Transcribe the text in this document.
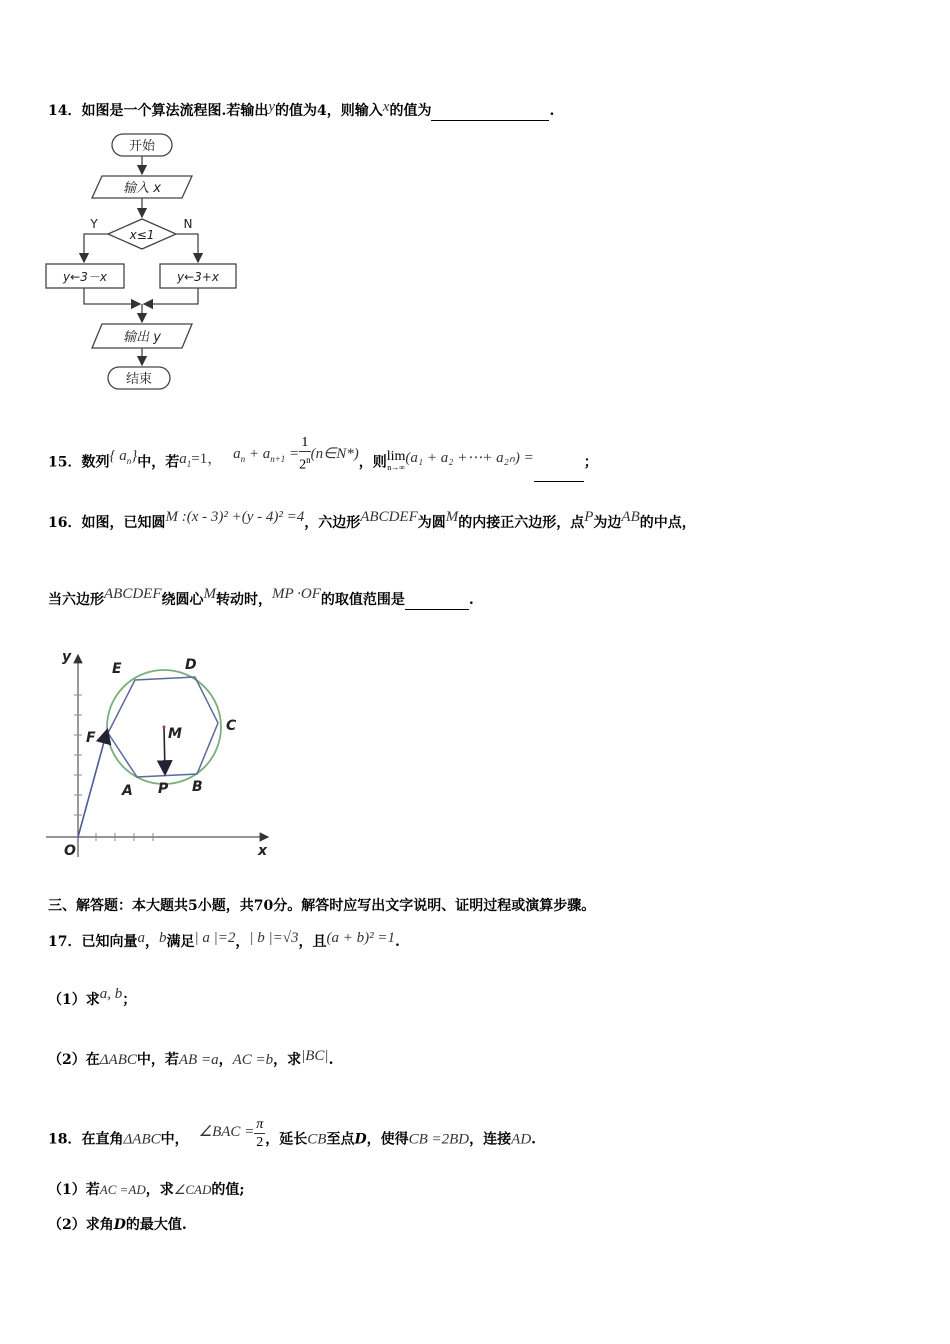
14．如图是一个算法流程图.若输出y的值为4，则输入x的值为	.
开始
输入 x
x≤1
Y	N
y←3－x	y←3+x
输出 y
结束
15．数列{ $a_n$}中，若$a_1=1$， $a_n + a_{n+1} = \frac{1}{2^n}$ (n∈N*)，则 lim
n→∞
(a₁ + a₂ +⋯+ a₂ₙ) =	；
16．如图，已知圆M :(x - 3)² +(y - 4)² =4，六边形ABCDEF为圆M的内接正六边形，点P为边AB的中点，
当六边形ABCDEF绕圆心M转动时，MP ·OF的取值范围是	.
y
x
O
E	D
C
F	M
A P B
三、解答题：本大题共5小题，共70分。解答时应写出文字说明、证明过程或演算步骤。
17．已知向量a，b满足| a |=2，| b |=√3，且(a + b)² =1.
（1）求a, b；
（2）在ΔABC中，若AB =a，AC =b，求|BC|.
18．在直角ΔABC中， ∠BAC = $\frac{\pi}{2}$ ，延长CB至点D，使得CB =2BD，连接AD.
（1）若AC =AD，求∠CAD的值;
（2）求角D的最大值.
